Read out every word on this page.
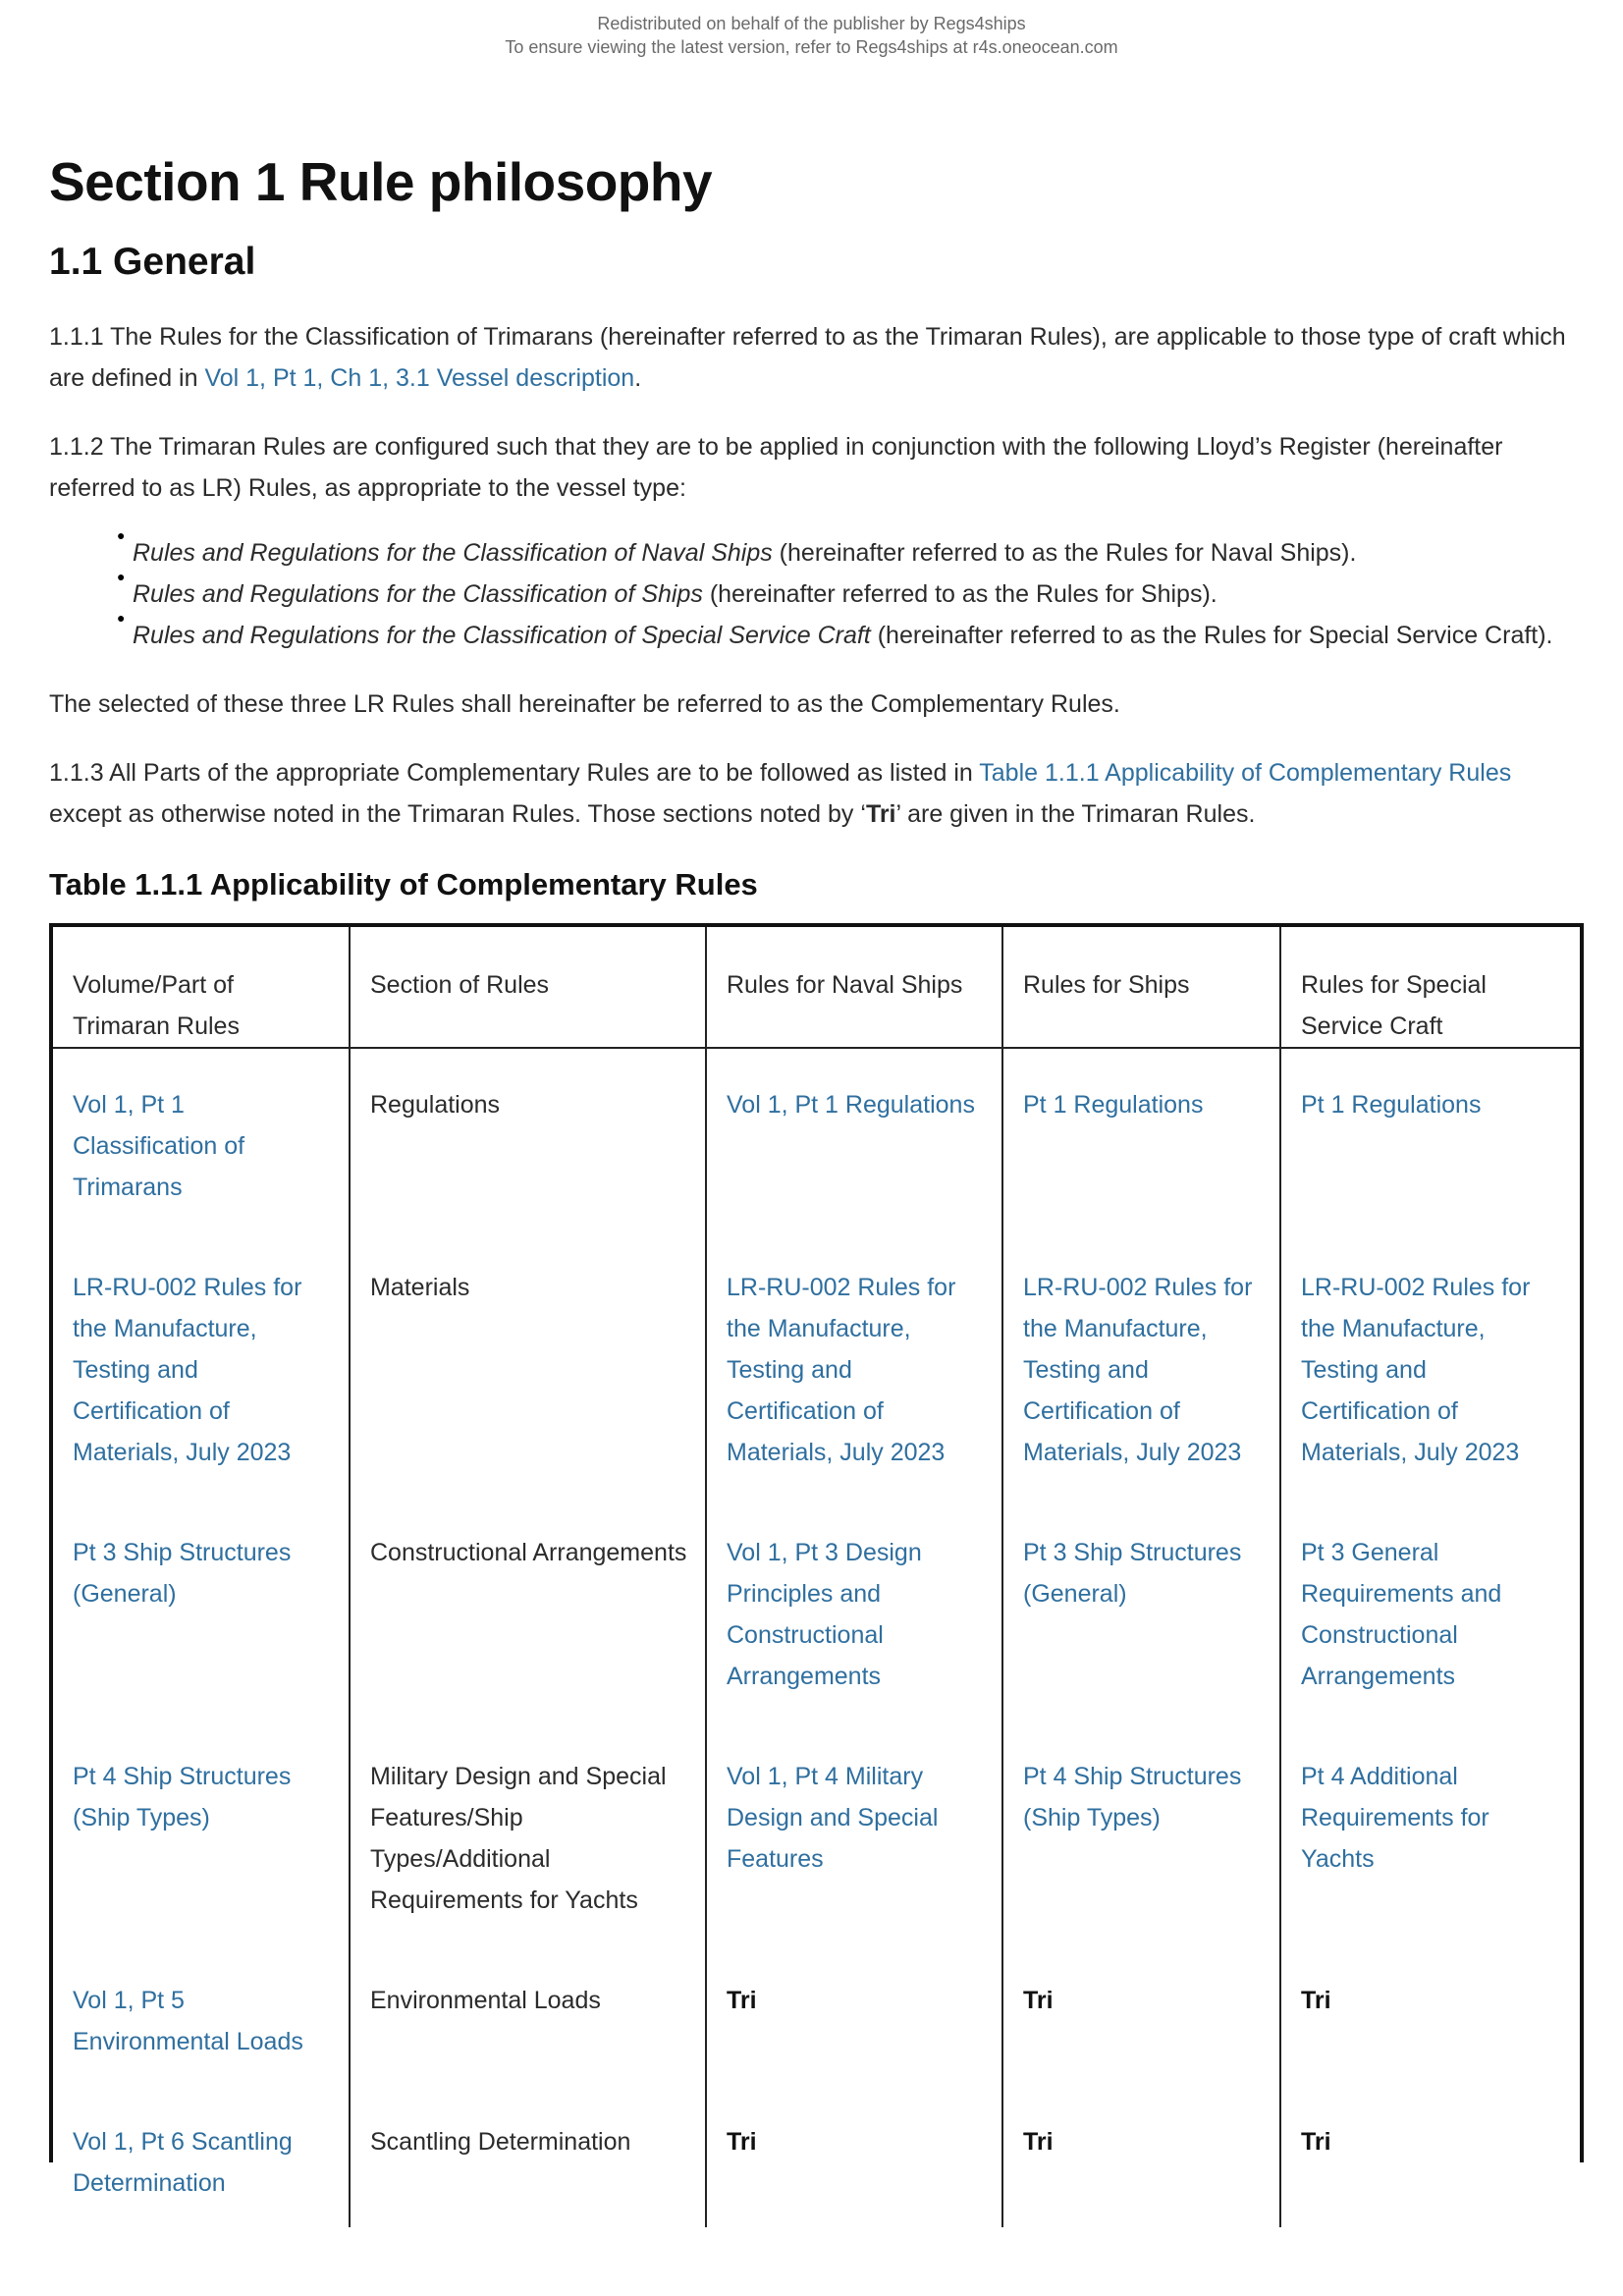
Redistributed on behalf of the publisher by Regs4ships
To ensure viewing the latest version, refer to Regs4ships at r4s.oneocean.com
Section 1 Rule philosophy
1.1 General

1.1.1 The Rules for the Classification of Trimarans (hereinafter referred to as the Trimaran Rules), are applicable to those type of craft which are defined in Vol 1, Pt 1, Ch 1, 3.1 Vessel description.

1.1.2 The Trimaran Rules are configured such that they are to be applied in conjunction with the following Lloyd’s Register (hereinafter referred to as LR) Rules, as appropriate to the vessel type:

●
Rules and Regulations for the Classification of Naval Ships (hereinafter referred to as the Rules for Naval Ships).
●
Rules and Regulations for the Classification of Ships (hereinafter referred to as the Rules for Ships).
●
Rules and Regulations for the Classification of Special Service Craft (hereinafter referred to as the Rules for Special Service Craft).

The selected of these three LR Rules shall hereinafter be referred to as the Complementary Rules.

1.1.3 All Parts of the appropriate Complementary Rules are to be followed as listed in Table 1.1.1 Applicability of Complementary Rules except as otherwise noted in the Trimaran Rules. Those sections noted by ‘Tri’ are given in the Trimaran Rules.

Table 1.1.1 Applicability of Complementary Rules
Volume/Part of Trimaran Rules	Section of Rules	Rules for Naval Ships	Rules for Ships	Rules for Special Service Craft
Vol 1, Pt 1 Classification of Trimarans	Regulations	Vol 1, Pt 1 Regulations	Pt 1 Regulations	Pt 1 Regulations
LR-RU-002 Rules for the Manufacture, Testing and Certification of Materials, July 2023	Materials	LR-RU-002 Rules for the Manufacture, Testing and Certification of Materials, July 2023	LR-RU-002 Rules for the Manufacture, Testing and Certification of Materials, July 2023	LR-RU-002 Rules for the Manufacture, Testing and Certification of Materials, July 2023
Pt 3 Ship Structures (General)	Constructional Arrangements	Vol 1, Pt 3 Design Principles and Constructional Arrangements	Pt 3 Ship Structures (General)	Pt 3 General Requirements and Constructional Arrangements
Pt 4 Ship Structures (Ship Types)	Military Design and Special Features/Ship Types/Additional Requirements for Yachts	Vol 1, Pt 4 Military Design and Special Features	Pt 4 Ship Structures (Ship Types)	Pt 4 Additional Requirements for Yachts
Vol 1, Pt 5 Environmental Loads	Environmental Loads	Tri	Tri	Tri
Vol 1, Pt 6 Scantling Determination	Scantling Determination	Tri	Tri	Tri
